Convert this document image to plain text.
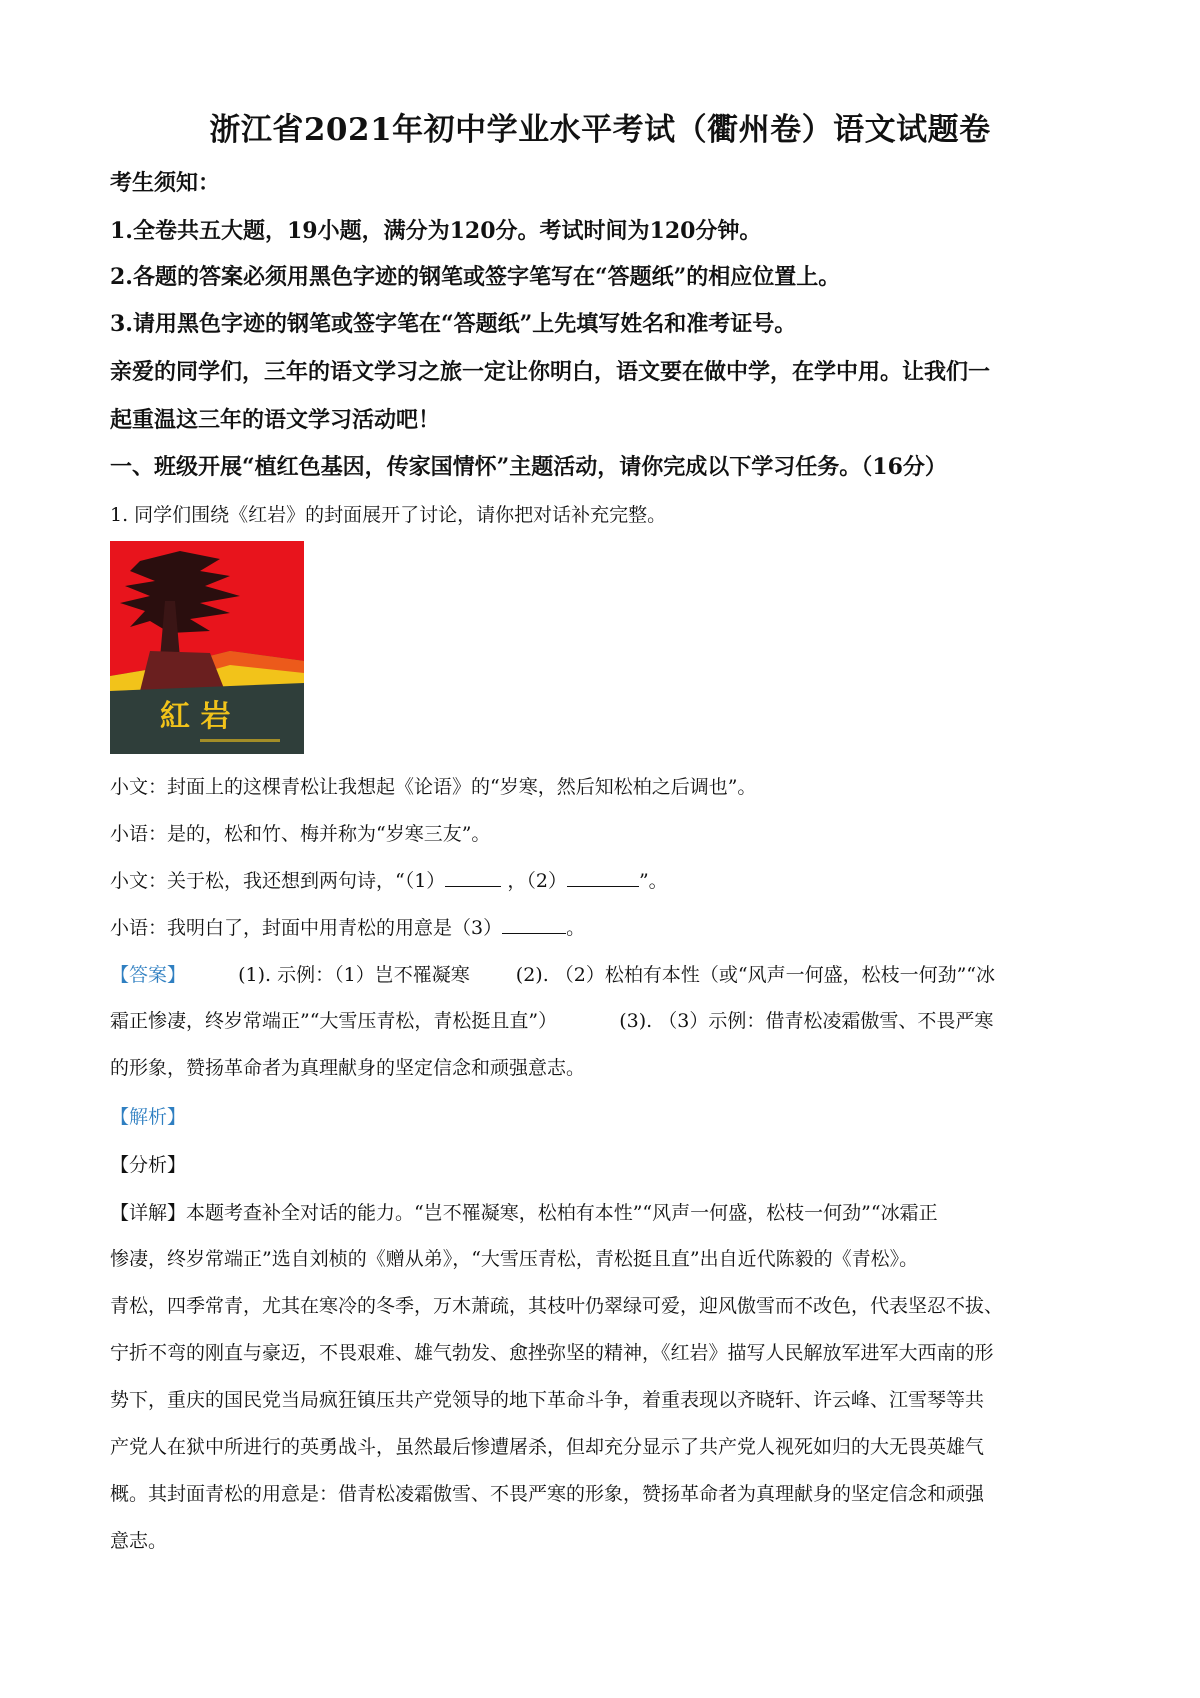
浙江省2021年初中学业水平考试（衢州卷）语文试题卷
考生须知：
1.全卷共五大题，19小题，满分为120分。考试时间为120分钟。
2.各题的答案必须用黑色字迹的钢笔或签字笔写在“答题纸”的相应位置上。
3.请用黑色字迹的钢笔或签字笔在“答题纸”上先填写姓名和准考证号。
亲爱的同学们，三年的语文学习之旅一定让你明白，语文要在做中学，在学中用。让我们一
起重温这三年的语文学习活动吧！
一、班级开展“植红色基因，传家国情怀”主题活动，请你完成以下学习任务。（16分）
1. 同学们围绕《红岩》的封面展开了讨论，请你把对话补充完整。
紅 岩
小文：封面上的这棵青松让我想起《论语》的“岁寒，然后知松柏之后调也”。
小语：是的，松和竹、梅并称为“岁寒三友”。
小文：关于松，我还想到两句诗，“（1）	，（2）	”。
小语：我明白了，封面中用青松的用意是（3）	。
【答案】	(1). 示例：（1）岂不罹凝寒 (2). （2）松柏有本性（或“风声一何盛，松枝一何劲”“冰
霜正惨凄，终岁常端正”“大雪压青松，青松挺且直”）	(3). （3）示例：借青松凌霜傲雪、不畏严寒
的形象，赞扬革命者为真理献身的坚定信念和顽强意志。
【解析】
【分析】
【详解】本题考查补全对话的能力。“岂不罹凝寒，松柏有本性”“风声一何盛，松枝一何劲”“冰霜正
惨凄，终岁常端正”选自刘桢的《赠从弟》，“大雪压青松，青松挺且直”出自近代陈毅的《青松》。
青松，四季常青，尤其在寒冷的冬季，万木萧疏，其枝叶仍翠绿可爱，迎风傲雪而不改色，代表坚忍不拔、
宁折不弯的刚直与豪迈，不畏艰难、雄气勃发、愈挫弥坚的精神，《红岩》描写人民解放军进军大西南的形
势下，重庆的国民党当局疯狂镇压共产党领导的地下革命斗争，着重表现以齐晓轩、许云峰、江雪琴等共
产党人在狱中所进行的英勇战斗，虽然最后惨遭屠杀，但却充分显示了共产党人视死如归的大无畏英雄气
概。其封面青松的用意是：借青松凌霜傲雪、不畏严寒的形象，赞扬革命者为真理献身的坚定信念和顽强
意志。
